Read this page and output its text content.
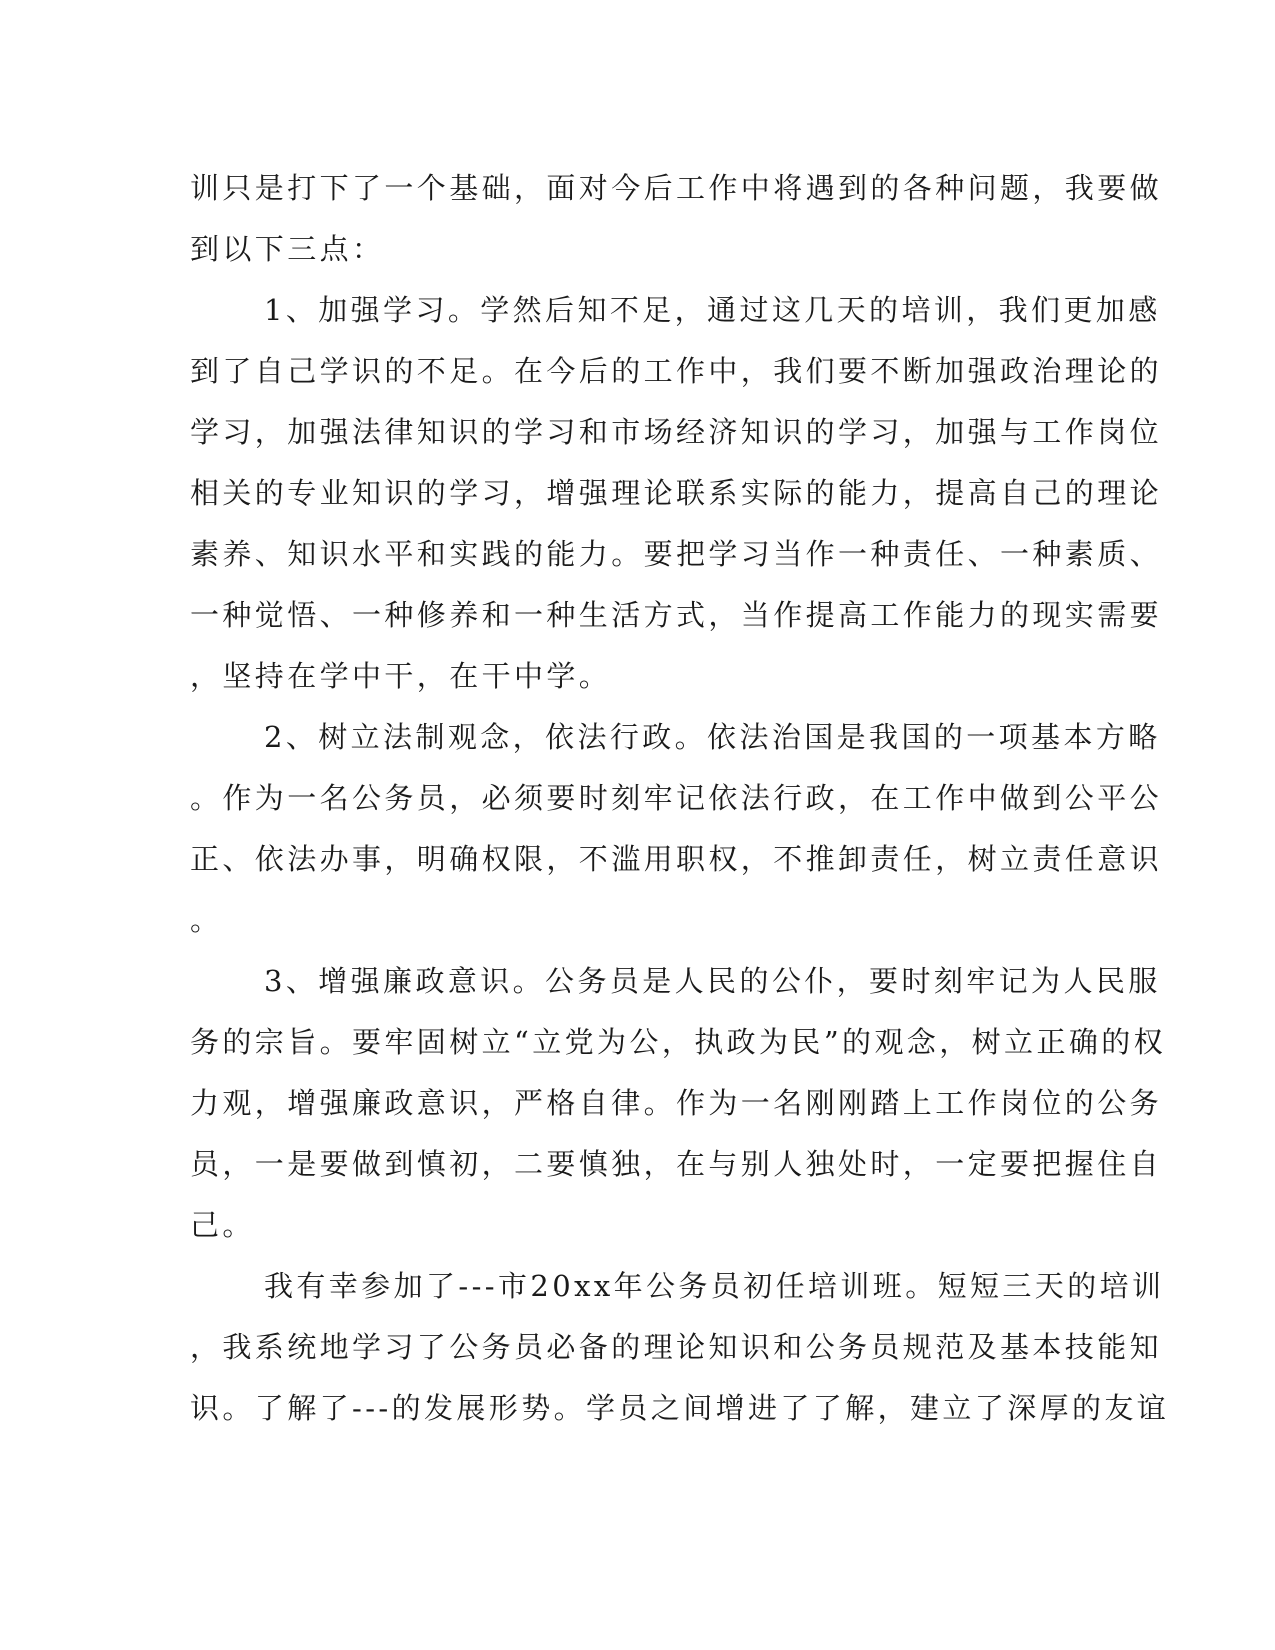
训只是打下了一个基础，面对今后工作中将遇到的各种问题，我要做
到以下三点：
1、加强学习。学然后知不足，通过这几天的培训，我们更加感
到了自己学识的不足。在今后的工作中，我们要不断加强政治理论的
学习，加强法律知识的学习和市场经济知识的学习，加强与工作岗位
相关的专业知识的学习，增强理论联系实际的能力，提高自己的理论
素养、知识水平和实践的能力。要把学习当作一种责任、一种素质、
一种觉悟、一种修养和一种生活方式，当作提高工作能力的现实需要
，坚持在学中干，在干中学。
2、树立法制观念，依法行政。依法治国是我国的一项基本方略
。作为一名公务员，必须要时刻牢记依法行政，在工作中做到公平公
正、依法办事，明确权限，不滥用职权，不推卸责任，树立责任意识
。
3、增强廉政意识。公务员是人民的公仆，要时刻牢记为人民服
务的宗旨。要牢固树立“立党为公，执政为民”的观念，树立正确的权
力观，增强廉政意识，严格自律。作为一名刚刚踏上工作岗位的公务
员，一是要做到慎初，二要慎独，在与别人独处时，一定要把握住自
己。
我有幸参加了---市20xx年公务员初任培训班。短短三天的培训
，我系统地学习了公务员必备的理论知识和公务员规范及基本技能知
识。了解了---的发展形势。学员之间增进了了解，建立了深厚的友谊
